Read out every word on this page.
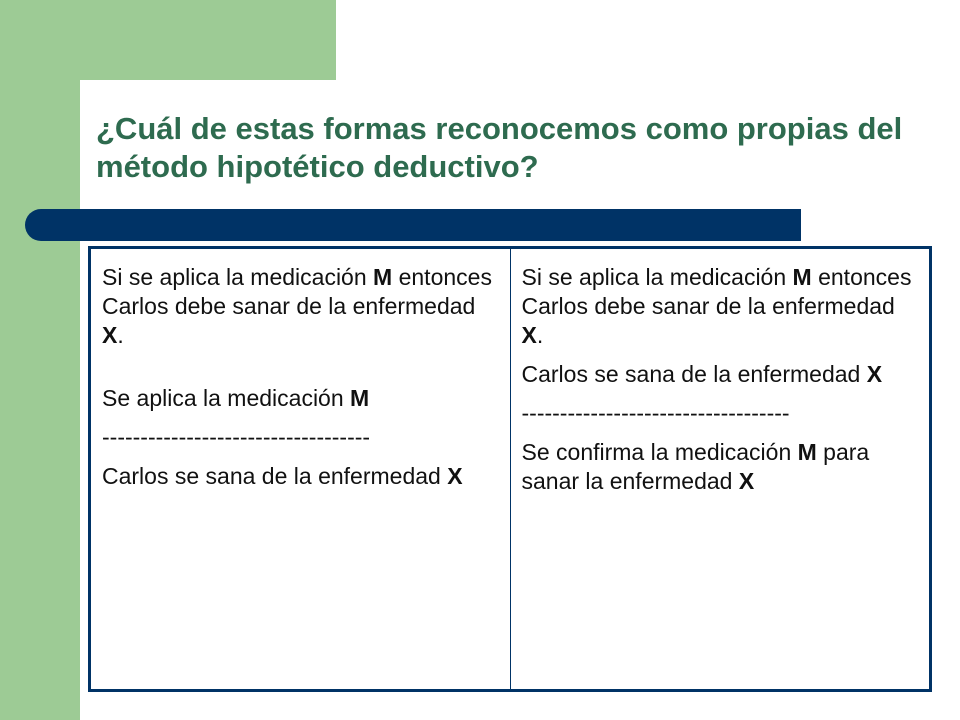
¿Cuál de estas formas reconocemos como propias del método hipotético deductivo?

Si se aplica la medicación M entonces Carlos debe sanar de la enfermedad X.

Se aplica la medicación M

-----------------------------------

Carlos se sana de la enfermedad X

Si se aplica la medicación M entonces Carlos debe sanar de la enfermedad X.

Carlos se sana de la enfermedad X

-----------------------------------

Se confirma la medicación M para sanar la enfermedad X
